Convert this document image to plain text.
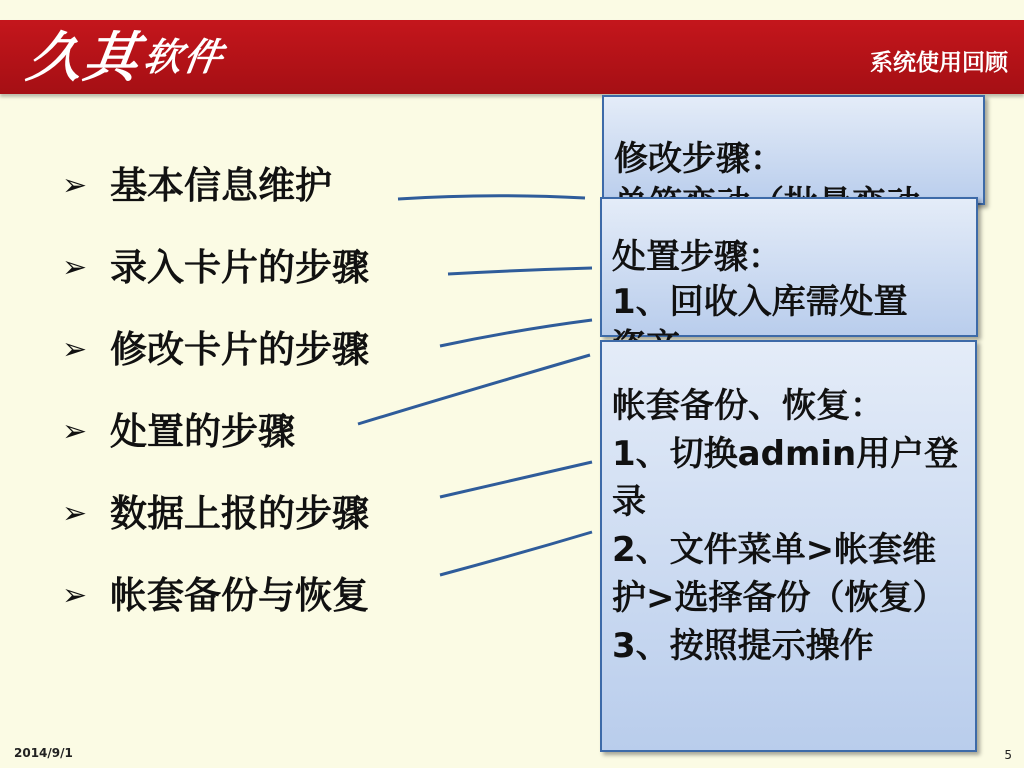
久其
软件	系统使用回顾
➢ 基本信息维护
➢ 录入卡片的步骤
➢ 修改卡片的步骤
➢ 处置的步骤
➢ 数据上报的步骤
➢ 帐套备份与恢复

修改步骤：

处置步骤：

1、回收入库需处置

帐套备份、恢复：

1、切换admin用户登录

2、文件菜单>帐套维护>选择备份（恢复）

3、按照提示操作

2014/9/1	5
